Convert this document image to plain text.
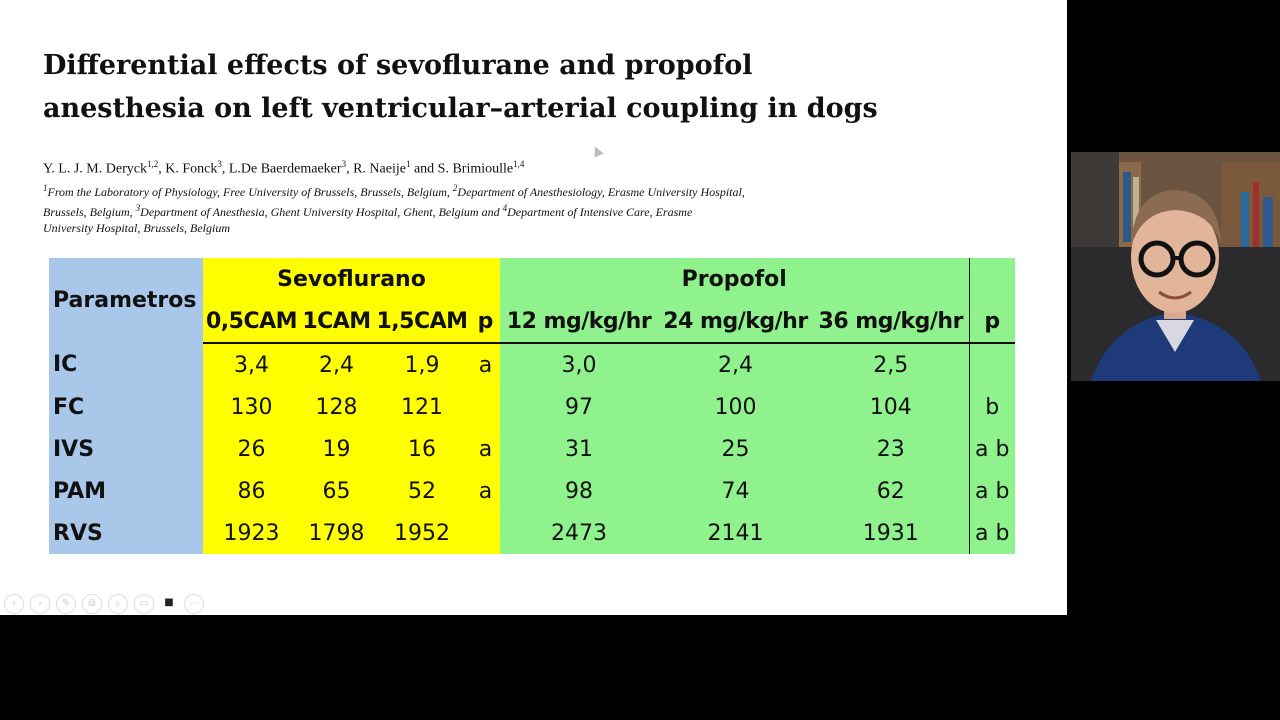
Differential effects of sevoflurane and propofol
anesthesia on left ventricular–arterial coupling in dogs
Y. L. J. M. Deryck$^{1,2}$, K. Fonck$^3$, L.De Baerdemaeker$^3$, R. Naeije$^1$ and S. Brimioulle$^{1,4}$
$^1$From the Laboratory of Physiology, Free University of Brussels, Brussels, Belgium, $^2$Department of Anesthesiology, Erasme University Hospital,
Brussels, Belgium, $^3$Department of Anesthesia, Ghent University Hospital, Ghent, Belgium and $^4$Department of Intensive Care, Erasme
University Hospital, Brussels, Belgium
Parametros	Sevoflurano				Propofol			
	0,5CAM	1CAM	1,5CAM	p	12 mg/kg/hr	24 mg/kg/hr	36 mg/kg/hr	p
IC	3,4	2,4	1,9	a	3,0	2,4	2,5	
FC	130	128	121		97	100	104	b
IVS	26	19	16	a	31	25	23	a b
PAM	86	65	52	a	98	74	62	a b
RVS	1923	1798	1952		2473	2141	1931	a b
‹	›	✎	⧉	⌕	▭	■	⋯
